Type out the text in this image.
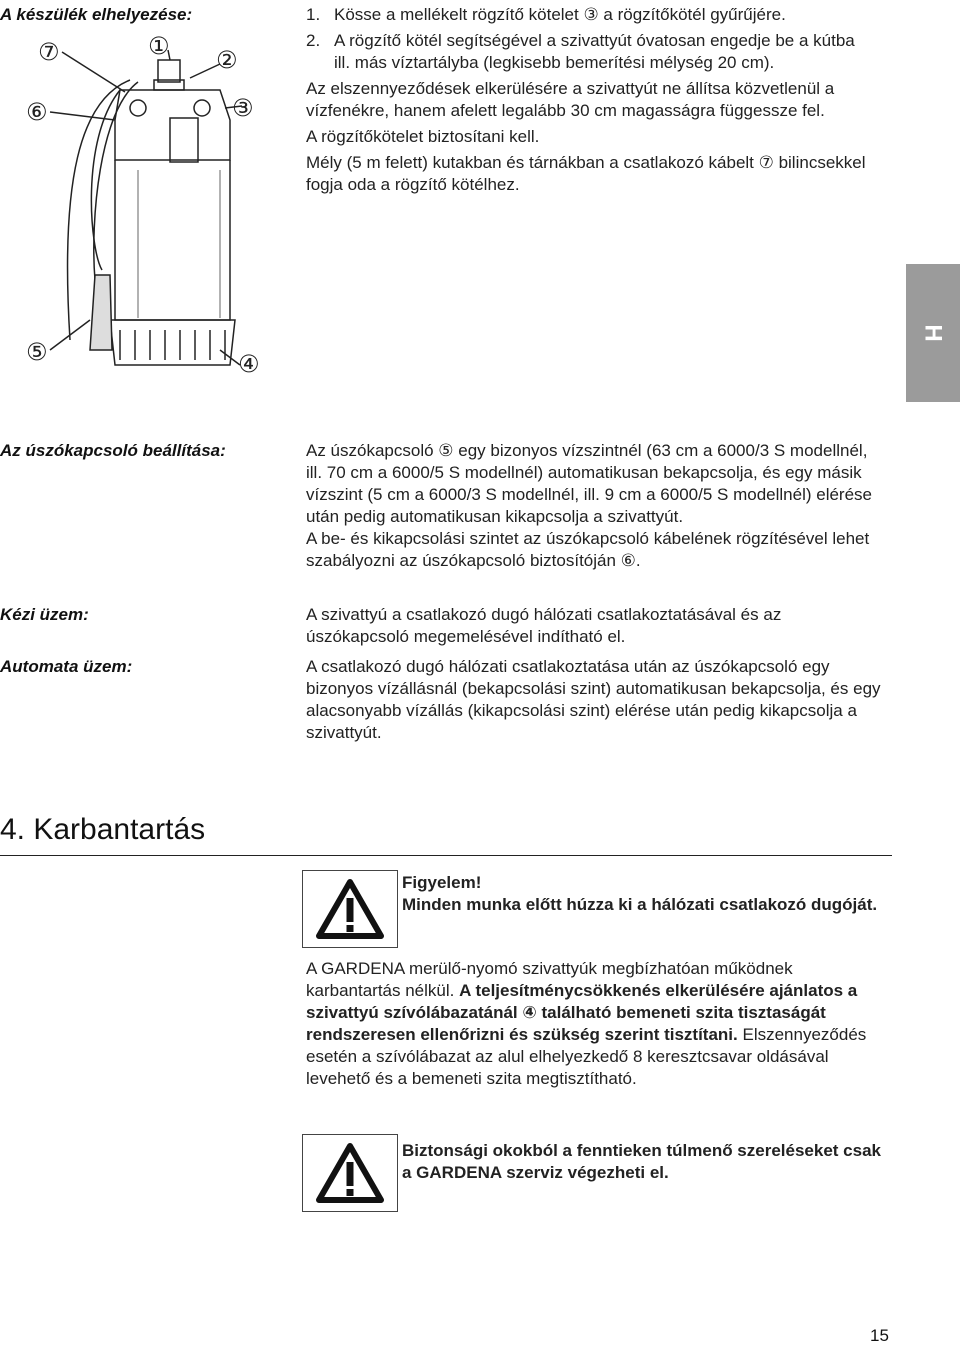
A készülék elhelyezése:	1. Kösse a mellékelt rögzítő kötelet ③ a rögzítőkötél gyűrűjére.
2. A rögzítő kötél segítségével a szivattyút óvatosan engedje be a kútba ill. más víztartályba (legkisebb bemerítési mélység 20 cm).

Az elszennyeződések elkerülésére a szivattyút ne állítsa közvetlenül a vízfenékre, hanem afelett legalább 30 cm magasságra függessze fel.

A rögzítőkötelet biztosítani kell.

Mély (5 m felett) kutakban és tárnákban a csatlakozó kábelt ⑦ bilincsekkel fogja oda a rögzítő kötélhez.

⑦	① ②
⑥	③
⑤	④
H
Az úszókapcsoló beállítása:	Az úszókapcsoló ⑤ egy bizonyos vízszintnél (63 cm a 6000/3 S modellnél, ill. 70 cm a 6000/5 S modellnél) automatikusan bekapcsolja, és egy másik vízszint (5 cm a 6000/3 S modellnél, ill. 9 cm a 6000/5 S modellnél) elérése után pedig automatikusan kikapcsolja a szivattyút.

A be- és kikapcsolási szintet az úszókapcsoló kábelének rögzítésével lehet szabályozni az úszókapcsoló biztosítóján ⑥.

Kézi üzem:	A szivattyú a csatlakozó dugó hálózati csatlakoztatásával és az úszókapcsoló megemelésével indítható el.
Automata üzem:	A csatlakozó dugó hálózati csatlakoztatása után az úszókapcsoló egy bizonyos vízállásnál (bekapcsolási szint) automatikusan bekapcsolja, és egy alacsonyabb vízállás (kikapcsolási szint) elérése után pedig kikapcsolja a szivattyút.
4. Karbantartás

Figyelem!

Minden munka előtt húzza ki a hálózati csatlakozó dugóját.

A GARDENA merülő-nyomó szivattyúk megbízhatóan működnek karbantartás nélkül. A teljesítménycsökkenés elkerülésére ajánlatos a szivattyú szívólábazatánál ④ található bemeneti szita tisztaságát rendszeresen ellenőrizni és szükség szerint tisztítani. Elszennyeződés esetén a szívólábazat az alul elhelyezkedő 8 keresztcsavar oldásával levehető és a bemeneti szita megtisztítható.
Biztonsági okokból a fenntieken túlmenő szereléseket csak a GARDENA szerviz végezheti el.
15
